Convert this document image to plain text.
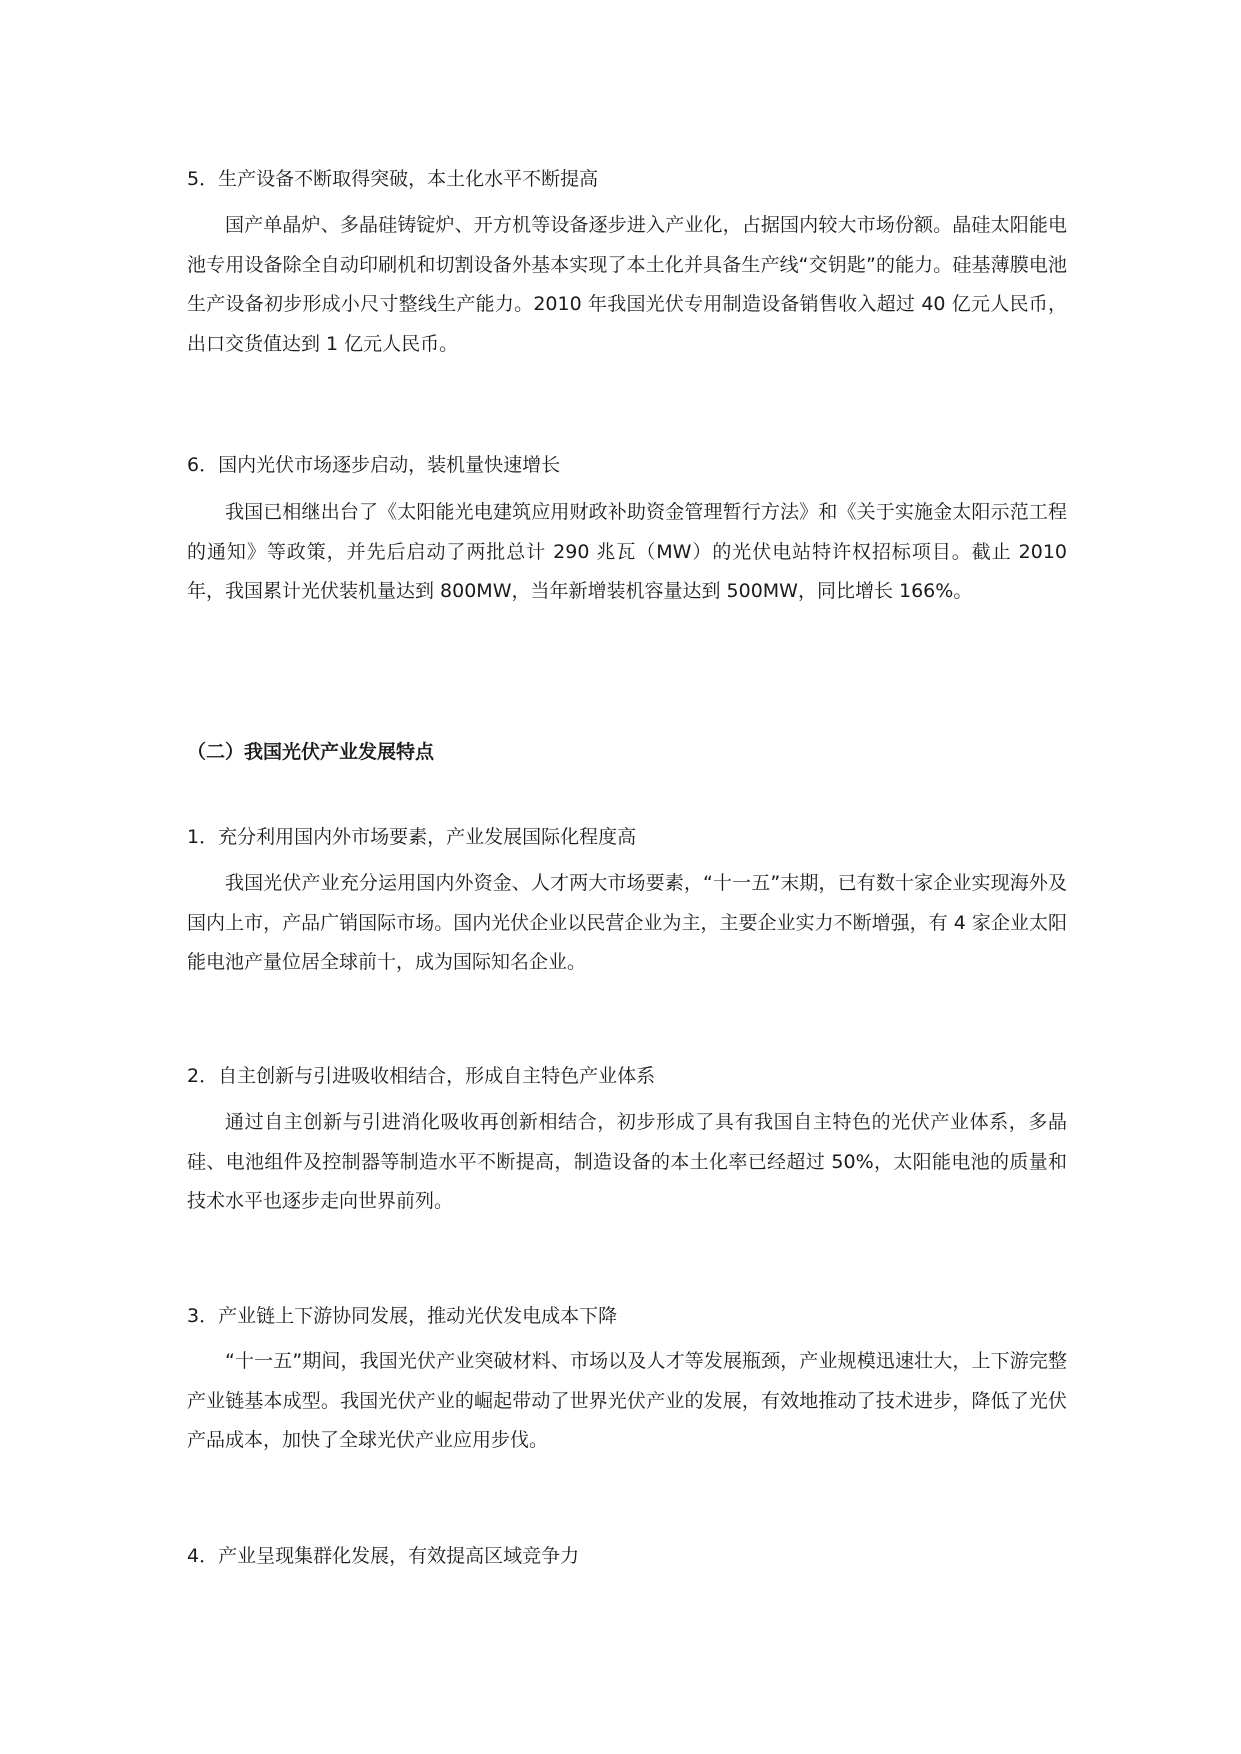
5．生产设备不断取得突破，本土化水平不断提高

国产单晶炉、多晶硅铸锭炉、开方机等设备逐步进入产业化，占据国内较大市场份额。晶硅太阳能电池专用设备除全自动印刷机和切割设备外基本实现了本土化并具备生产线“交钥匙”的能力。硅基薄膜电池生产设备初步形成小尺寸整线生产能力。2010 年我国光伏专用制造设备销售收入超过 40 亿元人民币，出口交货值达到 1 亿元人民币。

6．国内光伏市场逐步启动，装机量快速增长

我国已相继出台了《太阳能光电建筑应用财政补助资金管理暂行方法》和《关于实施金太阳示范工程的通知》等政策，并先后启动了两批总计 290 兆瓦（MW）的光伏电站特许权招标项目。截止 2010 年，我国累计光伏装机量达到 800MW，当年新增装机容量达到 500MW，同比增长 166%。

（二）我国光伏产业发展特点
1．充分利用国内外市场要素，产业发展国际化程度高

我国光伏产业充分运用国内外资金、人才两大市场要素，“十一五”末期，已有数十家企业实现海外及国内上市，产品广销国际市场。国内光伏企业以民营企业为主，主要企业实力不断增强，有 4 家企业太阳能电池产量位居全球前十，成为国际知名企业。

2．自主创新与引进吸收相结合，形成自主特色产业体系

通过自主创新与引进消化吸收再创新相结合，初步形成了具有我国自主特色的光伏产业体系，多晶硅、电池组件及控制器等制造水平不断提高，制造设备的本土化率已经超过 50%，太阳能电池的质量和技术水平也逐步走向世界前列。

3．产业链上下游协同发展，推动光伏发电成本下降

“十一五”期间，我国光伏产业突破材料、市场以及人才等发展瓶颈，产业规模迅速壮大，上下游完整产业链基本成型。我国光伏产业的崛起带动了世界光伏产业的发展，有效地推动了技术进步，降低了光伏产品成本，加快了全球光伏产业应用步伐。

4．产业呈现集群化发展，有效提高区域竞争力
